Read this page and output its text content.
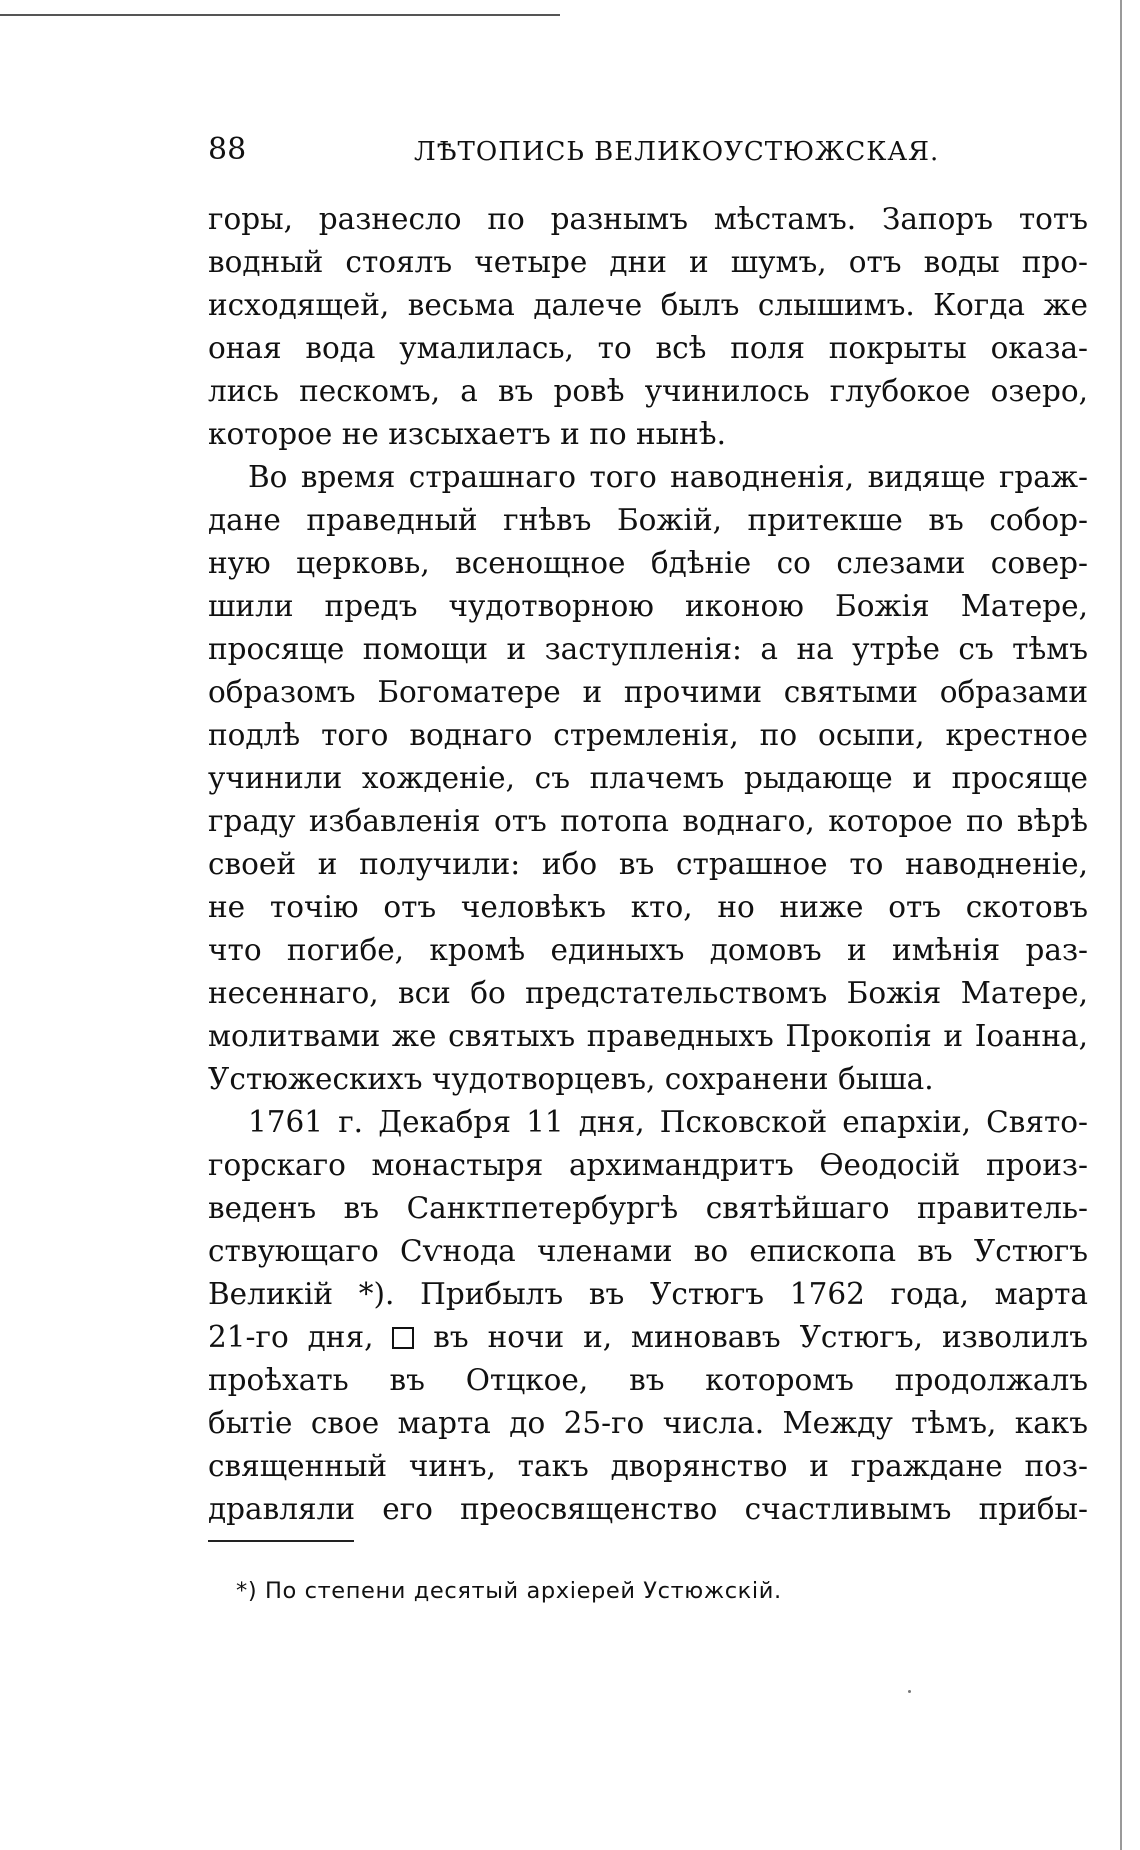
88	ЛѢТОПИСЬ ВЕЛИКОУСТЮЖСКАЯ.
горы, разнесло по разнымъ мѣстамъ. Запоръ тотъ
водный стоялъ четыре дни и шумъ, отъ воды про-
исходящей, весьма далече былъ слышимъ. Когда же
оная вода умалилась, то всѣ поля покрыты оказа-
лись пескомъ, а въ ровѣ учинилось глубокое озеро,
которое не изсыхаетъ и по нынѣ.
Во время страшнаго того наводненія, видяще граж-
дане праведный гнѣвъ Божій, притекше въ собор-
ную церковь, всенощное бдѣніе со слезами совер-
шили предъ чудотворною иконою Божія Матере,
просяще помощи и заступленія: а на утрѣе съ тѣмъ
образомъ Богоматере и прочими святыми образами
подлѣ того воднаго стремленія, по осыпи, крестное
учинили хожденіе, съ плачемъ рыдающе и просяще
граду избавленія отъ потопа воднаго, которое по вѣрѣ
своей и получили: ибо въ страшное то наводненіе,
не точію отъ человѣкъ кто, но ниже отъ скотовъ
что погибе, кромѣ единыхъ домовъ и имѣнія раз-
несеннаго, вси бо предстательствомъ Божія Матере,
молитвами же святыхъ праведныхъ Прокопія и Іоанна,
Устюжескихъ чудотворцевъ, сохранени быша.
1761 г. Декабря 11 дня, Псковской епархіи, Свято-
горскаго монастыря архимандритъ Ѳеодосій произ-
веденъ въ Санктпетербургѣ святѣйшаго правитель-
ствующаго Сѵнода членами во епископа въ Устюгъ
Великій *). Прибылъ въ Устюгъ 1762 года, марта
21-го дня, въ ночи и, миновавъ Устюгъ, изволилъ
проѣхать въ Отцкое, въ которомъ продолжалъ
бытіе свое марта до 25-го числа. Между тѣмъ, какъ
священный чинъ, такъ дворянство и граждане поз-
дравляли его преосвященство счастливымъ прибы-
*) По степени десятый архіерей Устюжскій.
